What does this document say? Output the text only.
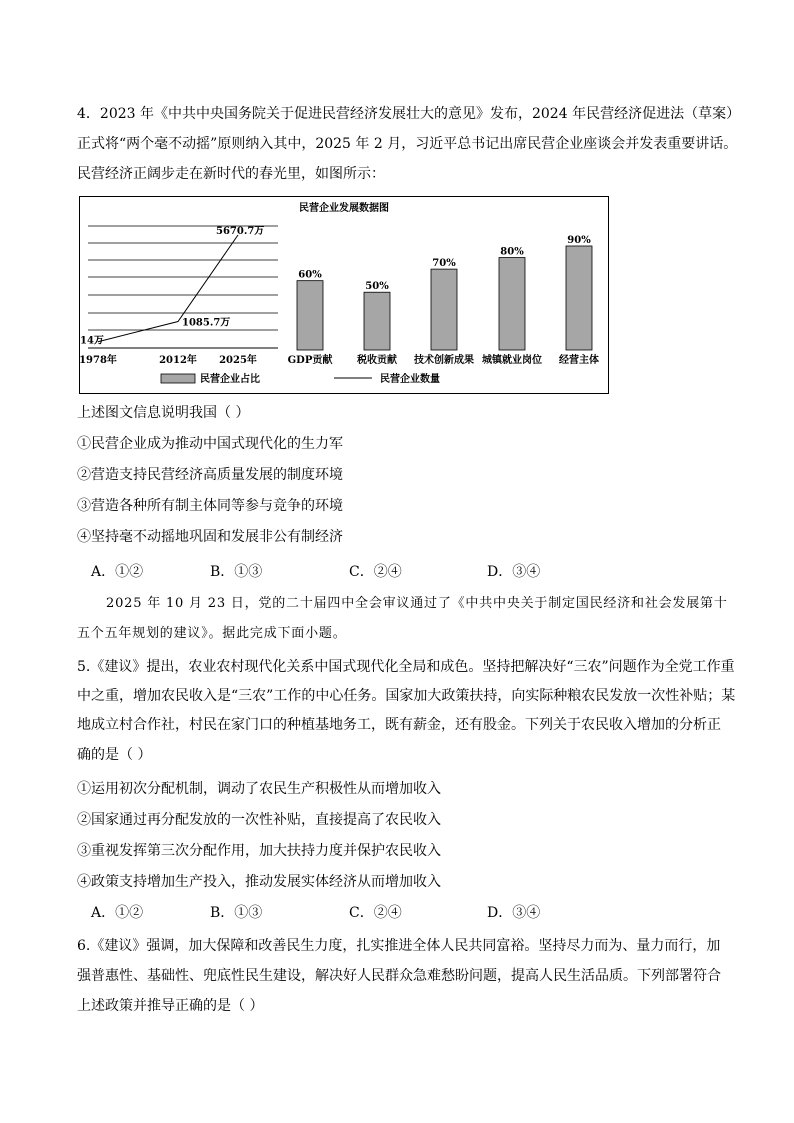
4．2023 年《中共中央国务院关于促进民营经济发展壮大的意见》发布，2024 年民营经济促进法（草案）
正式将“两个毫不动摇”原则纳入其中，2025 年 2 月，习近平总书记出席民营企业座谈会并发表重要讲话。
民营经济正阔步走在新时代的春光里，如图所示：
民营企业发展数据图
14万
1085.7万
5670.7万
1978年	2012年 2025年
60%
GDP贡献
50%
税收贡献
70%
技术创新成果
80%
城镇就业岗位
90%
经营主体
民营企业占比	民营企业数量
上述图文信息说明我国（ ）
①民营企业成为推动中国式现代化的生力军
②营造支持民营经济高质量发展的制度环境
③营造各种所有制主体同等参与竞争的环境
④坚持毫不动摇地巩固和发展非公有制经济
A．①②	B．①③	C．②④	D．③④
2025 年 10 月 23 日，党的二十届四中全会审议通过了《中共中央关于制定国民经济和社会发展第十
五个五年规划的建议》。据此完成下面小题。
5.《建议》提出，农业农村现代化关系中国式现代化全局和成色。坚持把解决好“三农”问题作为全党工作重
中之重，增加农民收入是“三农”工作的中心任务。国家加大政策扶持，向实际种粮农民发放一次性补贴；某
地成立村合作社，村民在家门口的种植基地务工，既有薪金，还有股金。下列关于农民收入增加的分析正
确的是（ ）
①运用初次分配机制，调动了农民生产积极性从而增加收入
②国家通过再分配发放的一次性补贴，直接提高了农民收入
③重视发挥第三次分配作用，加大扶持力度并保护农民收入
④政策支持增加生产投入，推动发展实体经济从而增加收入
A．①②	B．①③	C．②④	D．③④
6.《建议》强调，加大保障和改善民生力度，扎实推进全体人民共同富裕。坚持尽力而为、量力而行，加
强普惠性、基础性、兜底性民生建设，解决好人民群众急难愁盼问题，提高人民生活品质。下列部署符合
上述政策并推导正确的是（ ）
